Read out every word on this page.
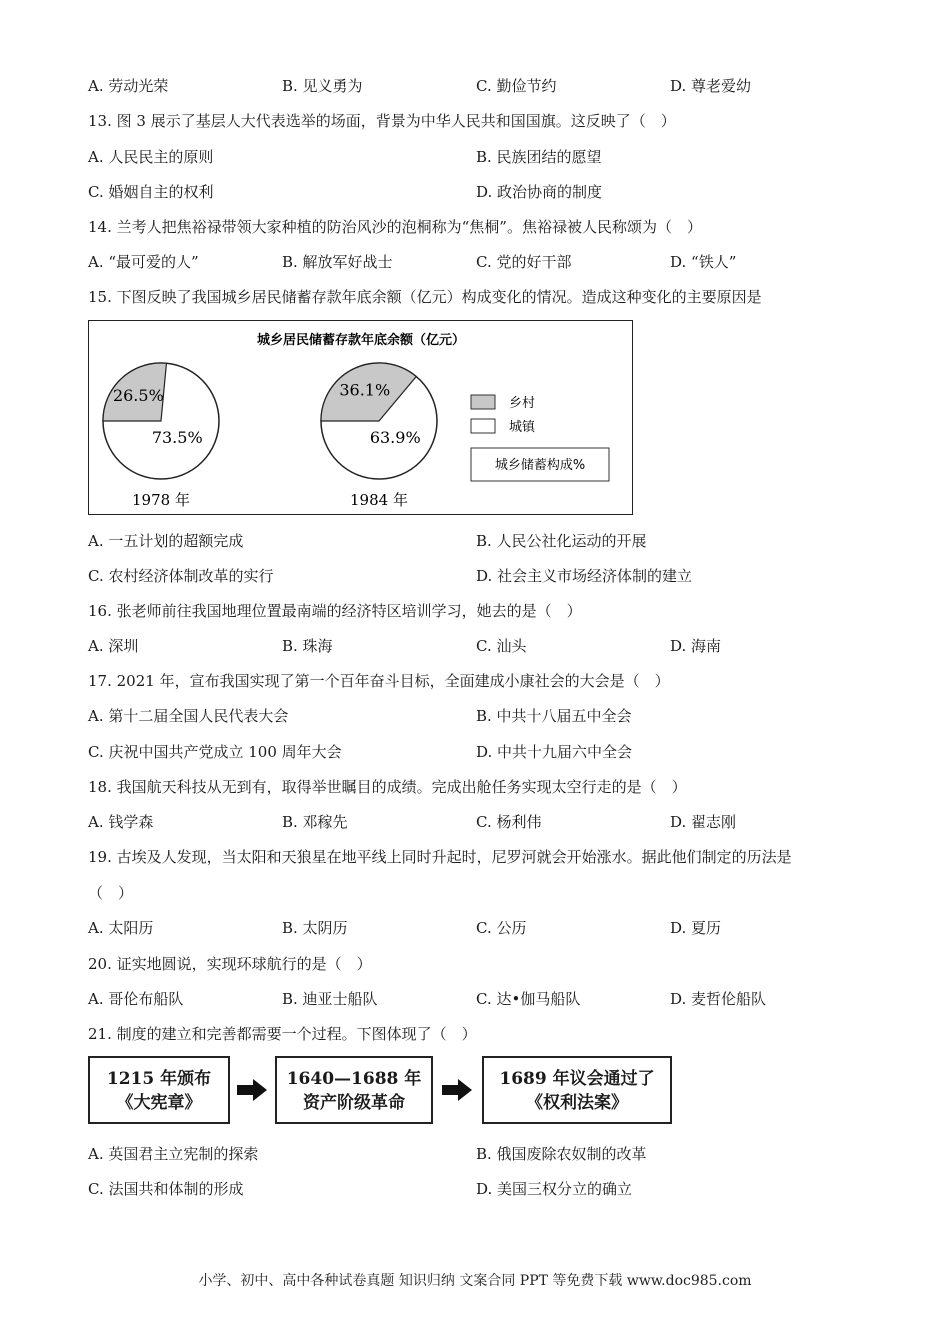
A. 劳动光荣	B. 见义勇为	C. 勤俭节约	D. 尊老爱幼
13. 图 3 展示了基层人大代表选举的场面，背景为中华人民共和国国旗。这反映了（　）
A. 人民民主的原则	B. 民族团结的愿望
C. 婚姻自主的权利	D. 政治协商的制度
14. 兰考人把焦裕禄带领大家种植的防治风沙的泡桐称为“焦桐”。焦裕禄被人民称颂为（　）
A. “最可爱的人”	B. 解放军好战士	C. 党的好干部	D. “铁人”
15. 下图反映了我国城乡居民储蓄存款年底余额（亿元）构成变化的情况。造成这种变化的主要原因是
城乡居民储蓄存款年底余额（亿元）
26.5%
73.5%
1978 年
36.1%
63.9%
1984 年
乡村
城镇
城乡储蓄构成%
A. 一五计划的超额完成	B. 人民公社化运动的开展
C. 农村经济体制改革的实行	D. 社会主义市场经济体制的建立
16. 张老师前往我国地理位置最南端的经济特区培训学习，她去的是（　）
A. 深圳	B. 珠海	C. 汕头	D. 海南
17. 2021 年，宣布我国实现了第一个百年奋斗目标，全面建成小康社会的大会是（　）
A. 第十二届全国人民代表大会	B. 中共十八届五中全会
C. 庆祝中国共产党成立 100 周年大会	D. 中共十九届六中全会
18. 我国航天科技从无到有，取得举世瞩目的成绩。完成出舱任务实现太空行走的是（　）
A. 钱学森	B. 邓稼先	C. 杨利伟	D. 翟志刚
19. 古埃及人发现，当太阳和天狼星在地平线上同时升起时，尼罗河就会开始涨水。据此他们制定的历法是
（　）
A. 太阳历	B. 太阴历	C. 公历	D. 夏历
20. 证实地圆说，实现环球航行的是（　）
A. 哥伦布船队	B. 迪亚士船队	C. 达•伽马船队	D. 麦哲伦船队
21. 制度的建立和完善都需要一个过程。下图体现了（　）
1215 年颁布
《大宪章》
1640—1688 年
资产阶级革命
1689 年议会通过了
《权利法案》
A. 英国君主立宪制的探索	B. 俄国废除农奴制的改革
C. 法国共和体制的形成	D. 美国三权分立的确立
小学、初中、高中各种试卷真题 知识归纳 文案合同 PPT 等免费下载 www.doc985.com
